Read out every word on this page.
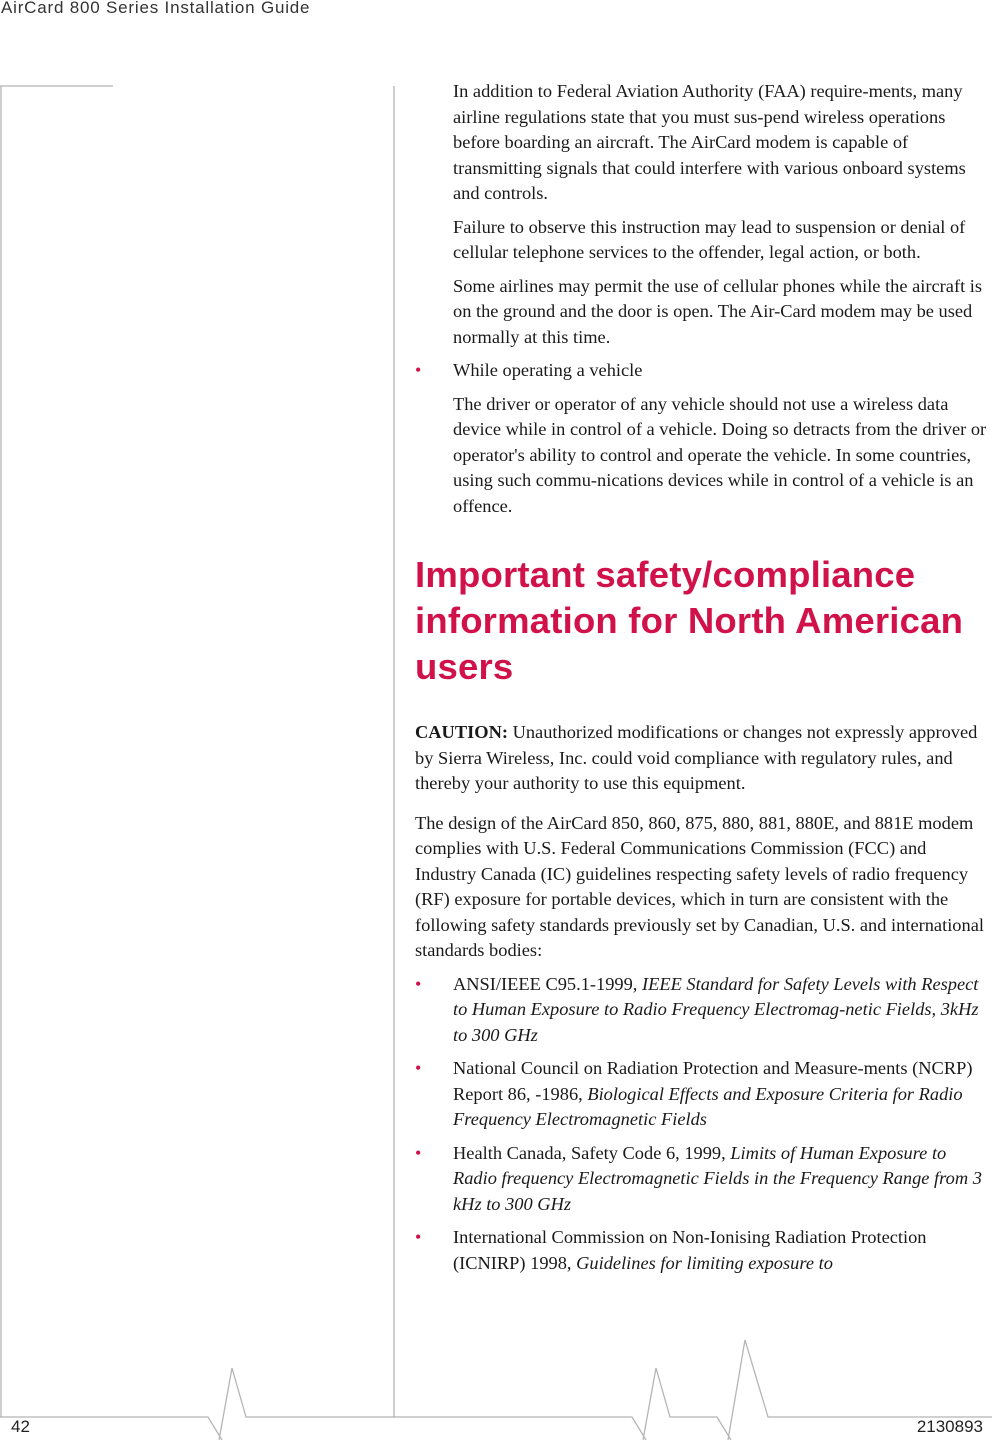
AirCard 800 Series Installation Guide

In addition to Federal Aviation Authority (FAA) require-ments, many airline regulations state that you must sus-pend wireless operations before boarding an aircraft. The AirCard modem is capable of transmitting signals that could interfere with various onboard systems and controls.

Failure to observe this instruction may lead to suspension or denial of cellular telephone services to the offender, legal action, or both.

Some airlines may permit the use of cellular phones while the aircraft is on the ground and the door is open. The Air-Card modem may be used normally at this time.

• While operating a vehicle

The driver or operator of any vehicle should not use a wireless data device while in control of a vehicle. Doing so detracts from the driver or operator's ability to control and operate the vehicle. In some countries, using such commu-nications devices while in control of a vehicle is an offence.

Important safety/compliance information for North American users

CAUTION: Unauthorized modifications or changes not expressly approved by Sierra Wireless, Inc. could void compliance with regulatory rules, and thereby your authority to use this equipment.

The design of the AirCard 850, 860, 875, 880, 881, 880E, and 881E modem complies with U.S. Federal Communications Commission (FCC) and Industry Canada (IC) guidelines respecting safety levels of radio frequency (RF) exposure for portable devices, which in turn are consistent with the following safety standards previously set by Canadian, U.S. and international standards bodies:

• ANSI/IEEE C95.1-1999, IEEE Standard for Safety Levels with Respect to Human Exposure to Radio Frequency Electromag-netic Fields, 3kHz to 300 GHz

• National Council on Radiation Protection and Measure-ments (NCRP) Report 86, -1986, Biological Effects and Exposure Criteria for Radio Frequency Electromagnetic Fields

• Health Canada, Safety Code 6, 1999, Limits of Human Exposure to Radio frequency Electromagnetic Fields in the Frequency Range from 3 kHz to 300 GHz

• International Commission on Non-Ionising Radiation Protection (ICNIRP) 1998, Guidelines for limiting exposure to

42	2130893
